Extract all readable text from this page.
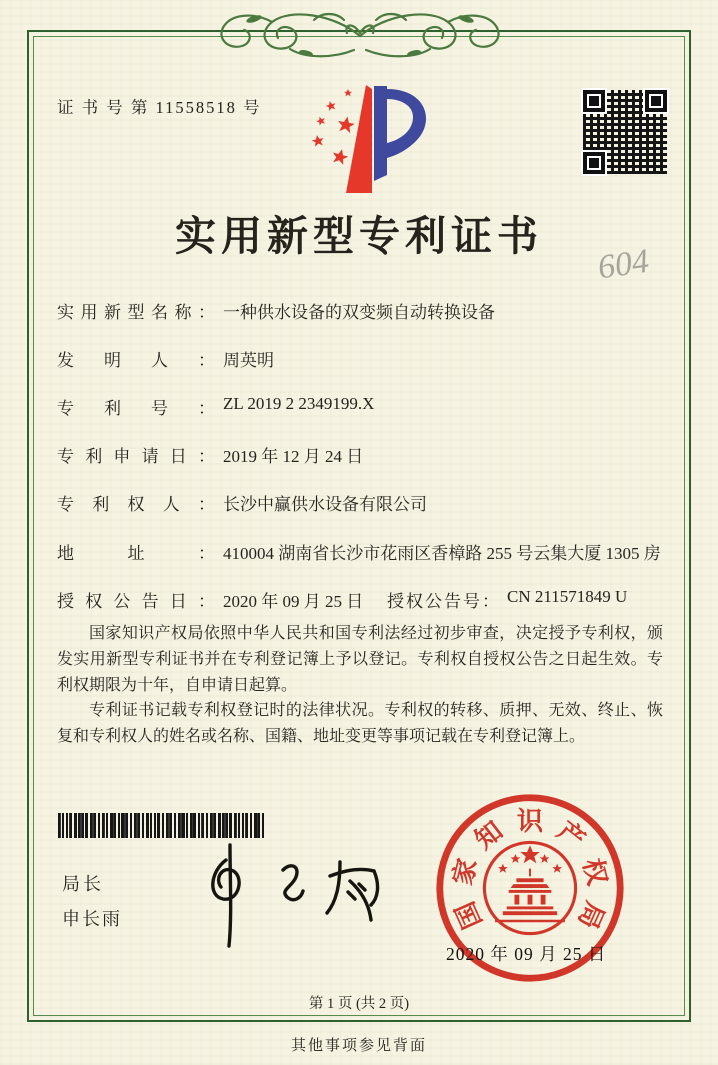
证 书 号 第 11558518 号
实用新型专利证书
604
实用新型名称： 一种供水设备的双变频自动转换设备
发明人： 周英明
专利号： ZL 2019 2 2349199.X
专利申请日： 2019 年 12 月 24 日
专利权人： 长沙中赢供水设备有限公司
地址： 410004 湖南省长沙市花雨区香樟路 255 号云集大厦 1305 房
授权公告日： 2020 年 09 月 25 日 授权公告号： CN 211571849 U

国家知识产权局依照中华人民共和国专利法经过初步审查，决定授予专利权，颁发实用新型专利证书并在专利登记簿上予以登记。专利权自授权公告之日起生效。专利权期限为十年，自申请日起算。

专利证书记载专利权登记时的法律状况。专利权的转移、质押、无效、终止、恢复和专利权人的姓名或名称、国籍、地址变更等事项记载在专利登记簿上。

局长
申长雨	国
家
知 识 产
权
局
2020 年 09 月 25 日
第 1 页 (共 2 页)
其他事项参见背面
